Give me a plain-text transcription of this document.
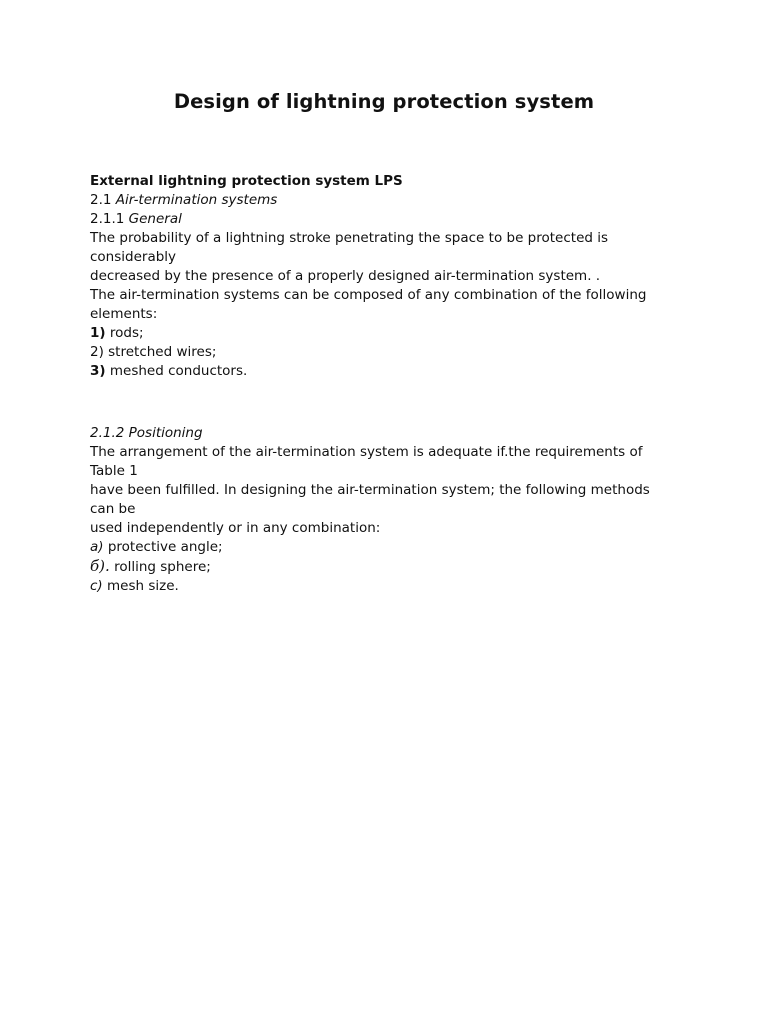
Design of lightning protection system
External lightning protection system LPS
2.1 Air-termination systems
2.1.1 General
The probability of a lightning stroke penetrating the space to be protected is
considerably
decreased by the presence of a properly designed air-termination system. .
The air-termination systems can be composed of any combination of the following
elements:
1) rods;
2) stretched wires;
3) meshed conductors.
2.1.2 Positioning
The arrangement of the air-termination system is adequate if.the requirements of
Table 1
have been fulfilled. In designing the air-termination system; the following methods
can be
used independently or in any combination:
a) protective angle;
б). rolling sphere;
c) mesh size.
